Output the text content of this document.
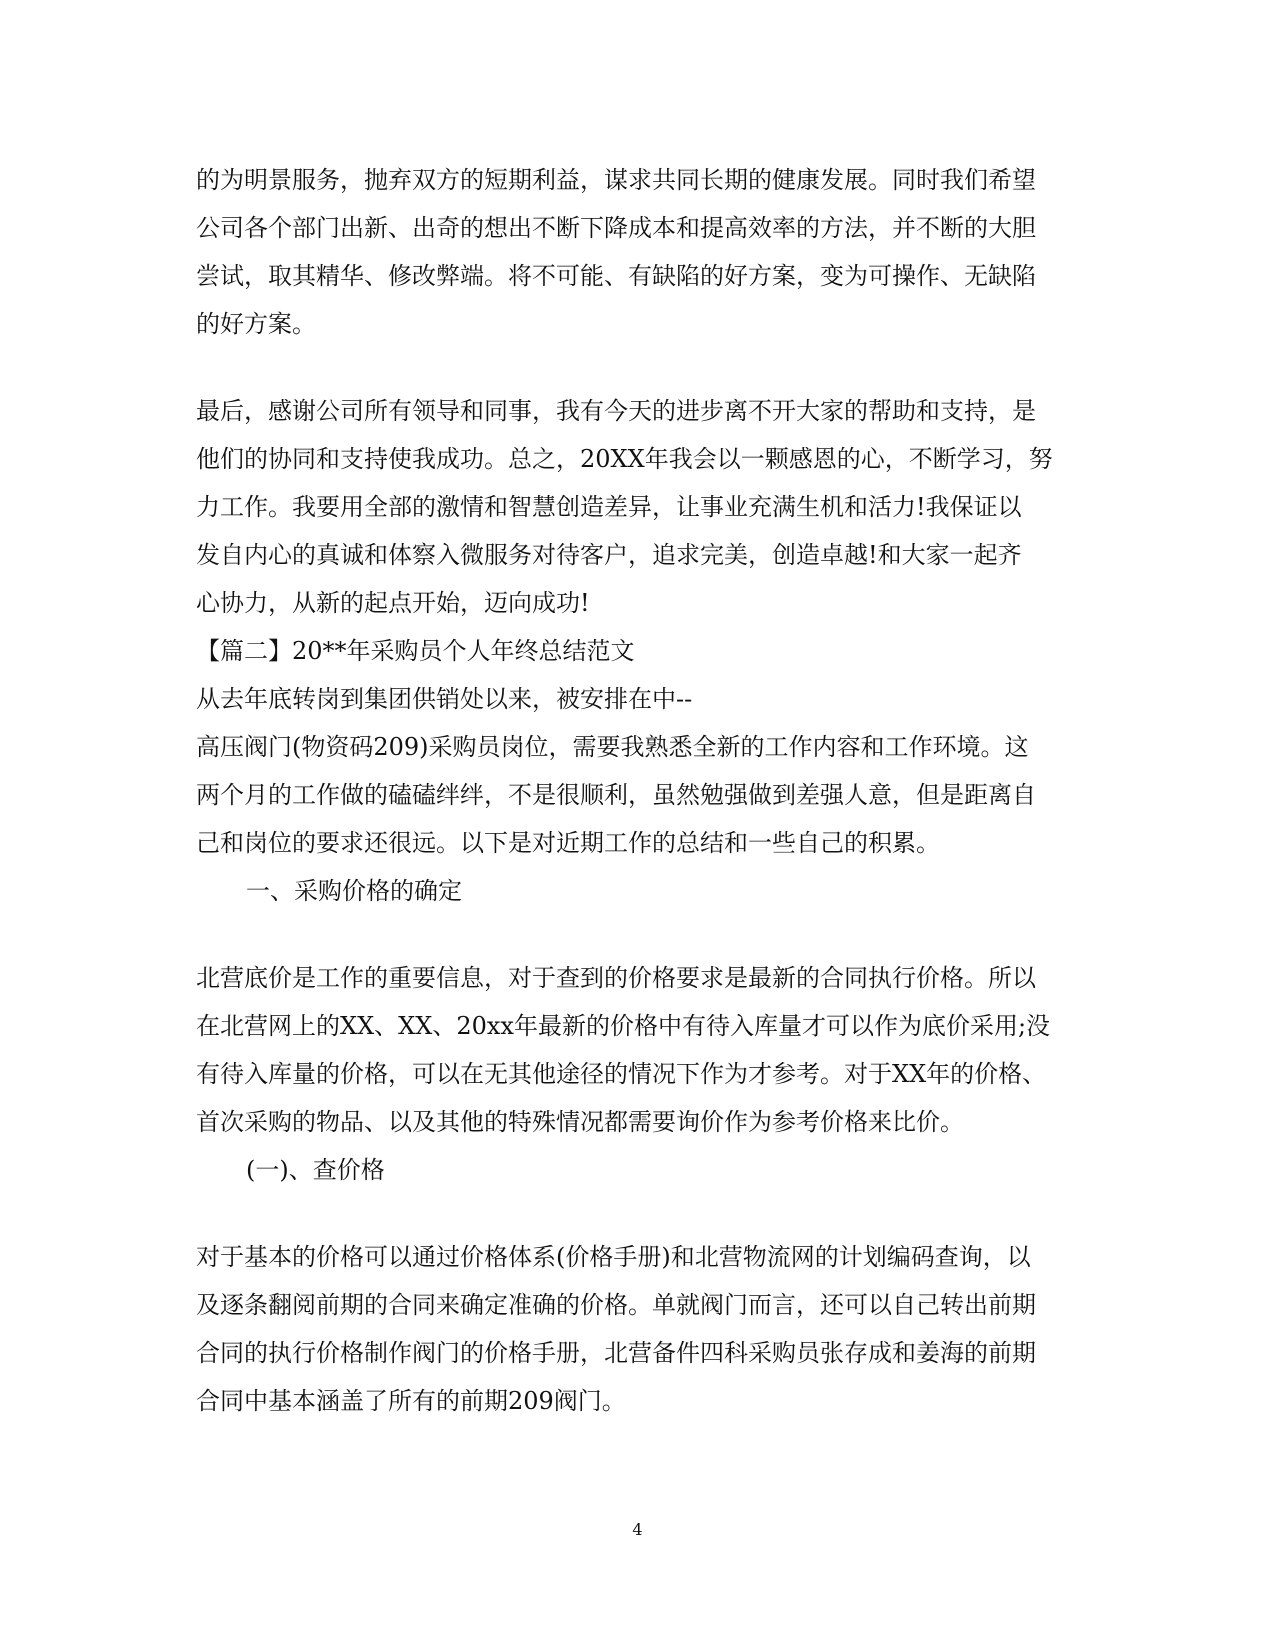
的为明景服务，抛弃双方的短期利益，谋求共同长期的健康发展。同时我们希望
公司各个部门出新、出奇的想出不断下降成本和提高效率的方法，并不断的大胆
尝试，取其精华、修改弊端。将不可能、有缺陷的好方案，变为可操作、无缺陷
的好方案。
最后，感谢公司所有领导和同事，我有今天的进步离不开大家的帮助和支持，是
他们的协同和支持使我成功。总之，20XX年我会以一颗感恩的心，不断学习，努
力工作。我要用全部的激情和智慧创造差异，让事业充满生机和活力!我保证以
发自内心的真诚和体察入微服务对待客户，追求完美，创造卓越!和大家一起齐
心协力，从新的起点开始，迈向成功!
【篇二】20**年采购员个人年终总结范文
从去年底转岗到集团供销处以来，被安排在中--
高压阀门(物资码209)采购员岗位，需要我熟悉全新的工作内容和工作环境。这
两个月的工作做的磕磕绊绊，不是很顺利，虽然勉强做到差强人意，但是距离自
己和岗位的要求还很远。以下是对近期工作的总结和一些自己的积累。
一、采购价格的确定
北营底价是工作的重要信息，对于查到的价格要求是最新的合同执行价格。所以
在北营网上的XX、XX、20xx年最新的价格中有待入库量才可以作为底价采用;没
有待入库量的价格，可以在无其他途径的情况下作为才参考。对于XX年的价格、
首次采购的物品、以及其他的特殊情况都需要询价作为参考价格来比价。
(一)、查价格
对于基本的价格可以通过价格体系(价格手册)和北营物流网的计划编码查询，以
及逐条翻阅前期的合同来确定准确的价格。单就阀门而言，还可以自己转出前期
合同的执行价格制作阀门的价格手册，北营备件四科采购员张存成和姜海的前期
合同中基本涵盖了所有的前期209阀门。
4
